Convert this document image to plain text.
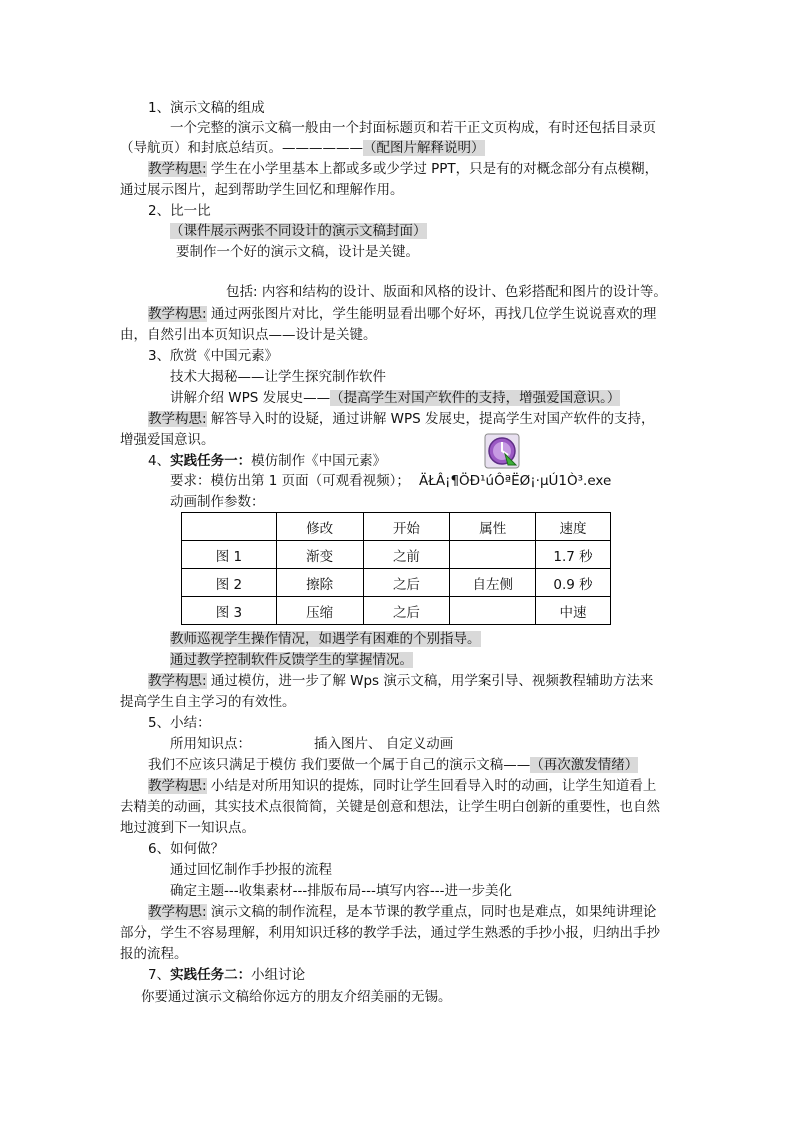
1、演示文稿的组成
一个完整的演示文稿一般由一个封面标题页和若干正文页构成，有时还包括目录页
（导航页）和封底总结页。——————（配图片解释说明）
教学构思: 学生在小学里基本上都或多或少学过 PPT，只是有的对概念部分有点模糊，
通过展示图片，起到帮助学生回忆和理解作用。
2、比一比
（课件展示两张不同设计的演示文稿封面）
要制作一个好的演示文稿，设计是关键。
包括: 内容和结构的设计、版面和风格的设计、色彩搭配和图片的设计等。
教学构思: 通过两张图片对比，学生能明显看出哪个好坏，再找几位学生说说喜欢的理
由，自然引出本页知识点——设计是关键。
3、欣赏《中国元素》
技术大揭秘——让学生探究制作软件
讲解介绍 WPS 发展史——（提高学生对国产软件的支持，增强爱国意识。）
教学构思: 解答导入时的设疑，通过讲解 WPS 发展史，提高学生对国产软件的支持，
增强爱国意识。
4、实践任务一：模仿制作《中国元素》
要求：模仿出第 1 页面（可观看视频）； ÄŁÂ¡¶ÖÐ¹úÔªËØ¡·µÚ1Ò³.exe
动画制作参数：
	修改	开始	属性	速度
图 1	渐变	之前		1.7 秒
图 2	擦除	之后	自左侧	0.9 秒
图 3	压缩	之后		中速
教师巡视学生操作情况，如遇学有困难的个别指导。
通过教学控制软件反馈学生的掌握情况。
教学构思: 通过模仿，进一步了解 Wps 演示文稿，用学案引导、视频教程辅助方法来
提高学生自主学习的有效性。
5、小结：
所用知识点：	插入图片、 自定义动画
我们不应该只满足于模仿 我们要做一个属于自己的演示文稿——（再次激发情绪）
教学构思: 小结是对所用知识的提炼，同时让学生回看导入时的动画，让学生知道看上
去精美的动画，其实技术点很简简，关键是创意和想法，让学生明白创新的重要性，也自然
地过渡到下一知识点。
6、如何做？
通过回忆制作手抄报的流程
确定主题---收集素材---排版布局---填写内容---进一步美化
教学构思: 演示文稿的制作流程，是本节课的教学重点，同时也是难点，如果纯讲理论
部分，学生不容易理解，利用知识迁移的教学手法，通过学生熟悉的手抄小报，归纳出手抄
报的流程。
7、实践任务二：小组讨论
你要通过演示文稿给你远方的朋友介绍美丽的无锡。
